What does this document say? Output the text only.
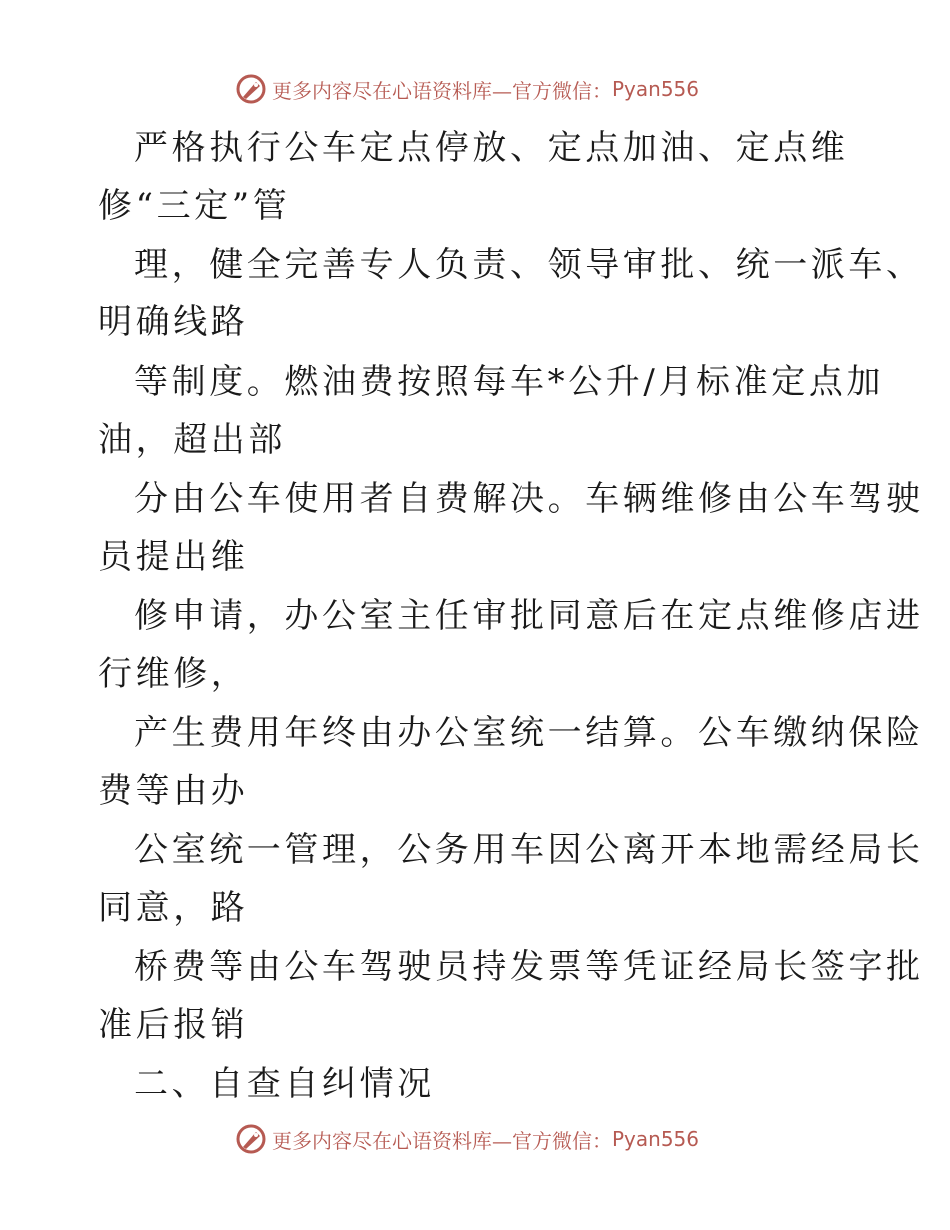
更多内容尽在心语资料库—官方微信： Pyan556
严格执行公车定点停放、定点加油、定点维
修“三定”管
理，健全完善专人负责、领导审批、统一派车、
明确线路
等制度。燃油费按照每车*公升/月标准定点加
油，超出部
分由公车使用者自费解决。车辆维修由公车驾驶
员提出维
修申请，办公室主任审批同意后在定点维修店进
行维修，
产生费用年终由办公室统一结算。公车缴纳保险
费等由办
公室统一管理，公务用车因公离开本地需经局长
同意，路
桥费等由公车驾驶员持发票等凭证经局长签字批
准后报销
二、自查自纠情况
更多内容尽在心语资料库—官方微信： Pyan556
